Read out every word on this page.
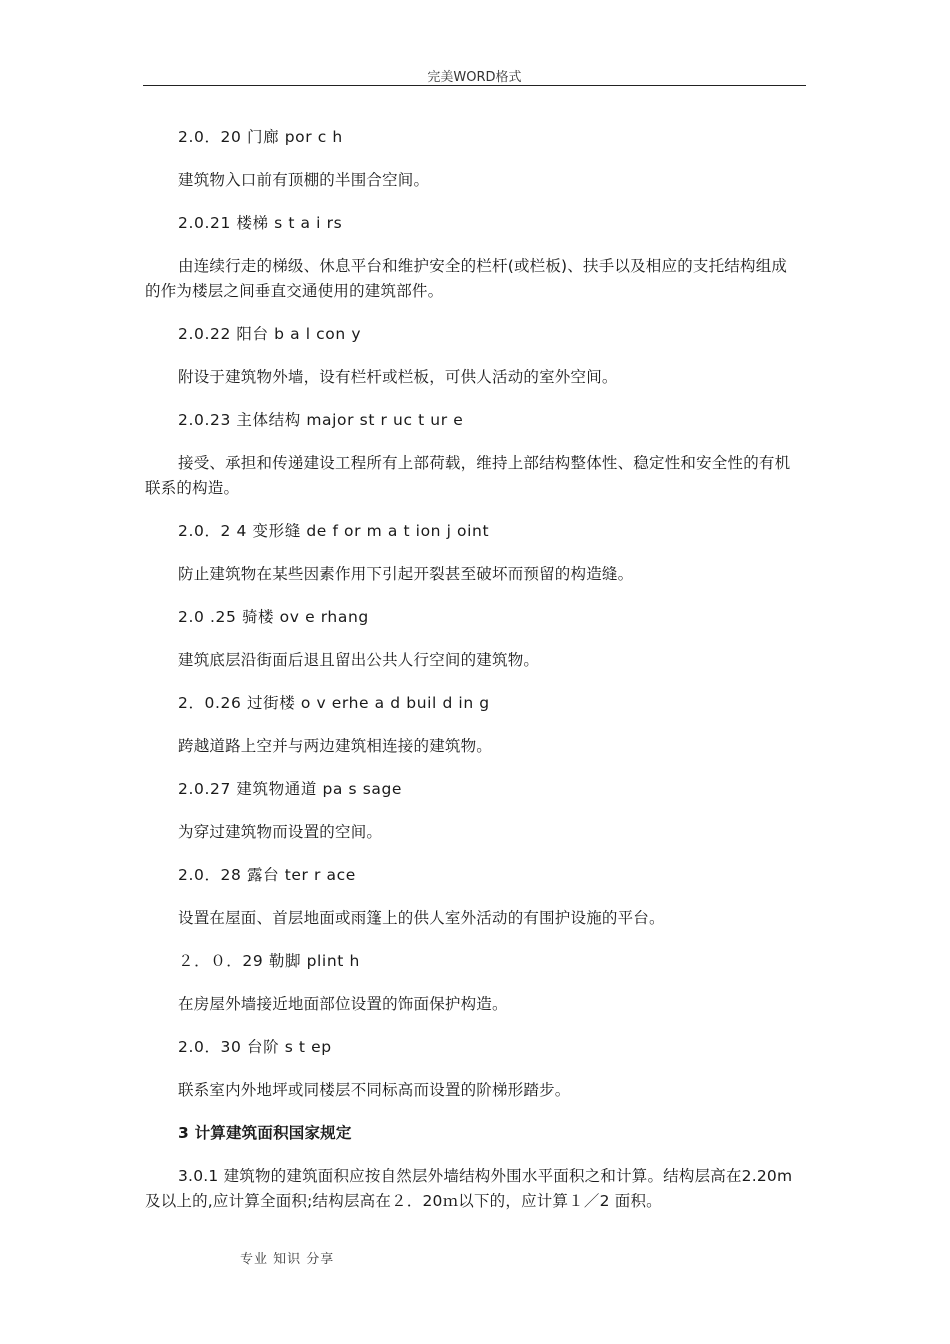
完美WORD格式

2.0．20 门廊 por c h

建筑物入口前有顶棚的半围合空间。

2.0.21 楼梯 s t a i rs

由连续行走的梯级、休息平台和维护安全的栏杆(或栏板)、扶手以及相应的支托结构组成的作为楼层之间垂直交通使用的建筑部件。

2.0.22 阳台 b a l con y

附设于建筑物外墙，设有栏杆或栏板，可供人活动的室外空间。

2.0.23 主体结构 major st r uc t ur e

接受、承担和传递建设工程所有上部荷载，维持上部结构整体性、稳定性和安全性的有机联系的构造。

2.0．2 4 变形缝 de f or m a t ion j oint

防止建筑物在某些因素作用下引起开裂甚至破坏而预留的构造缝。

2.0 .25 骑楼 ov e rhang

建筑底层沿街面后退且留出公共人行空间的建筑物。

2．0.26 过街楼 o v erhe a d buil d in g

跨越道路上空并与两边建筑相连接的建筑物。

2.0.27 建筑物通道 pa s sage

为穿过建筑物而设置的空间。

2.0．28 露台 ter r ace

设置在屋面、首层地面或雨篷上的供人室外活动的有围护设施的平台。

２．０．29 勒脚 plint h

在房屋外墙接近地面部位设置的饰面保护构造。

2.0．30 台阶 s t ep

联系室内外地坪或同楼层不同标高而设置的阶梯形踏步。

3 计算建筑面积国家规定

3.0.1 建筑物的建筑面积应按自然层外墙结构外围水平面积之和计算。结构层高在2.20m 及以上的,应计算全面积;结构层高在２．20ｍ以下的，应计算１／2 面积。

专业 知识 分享
